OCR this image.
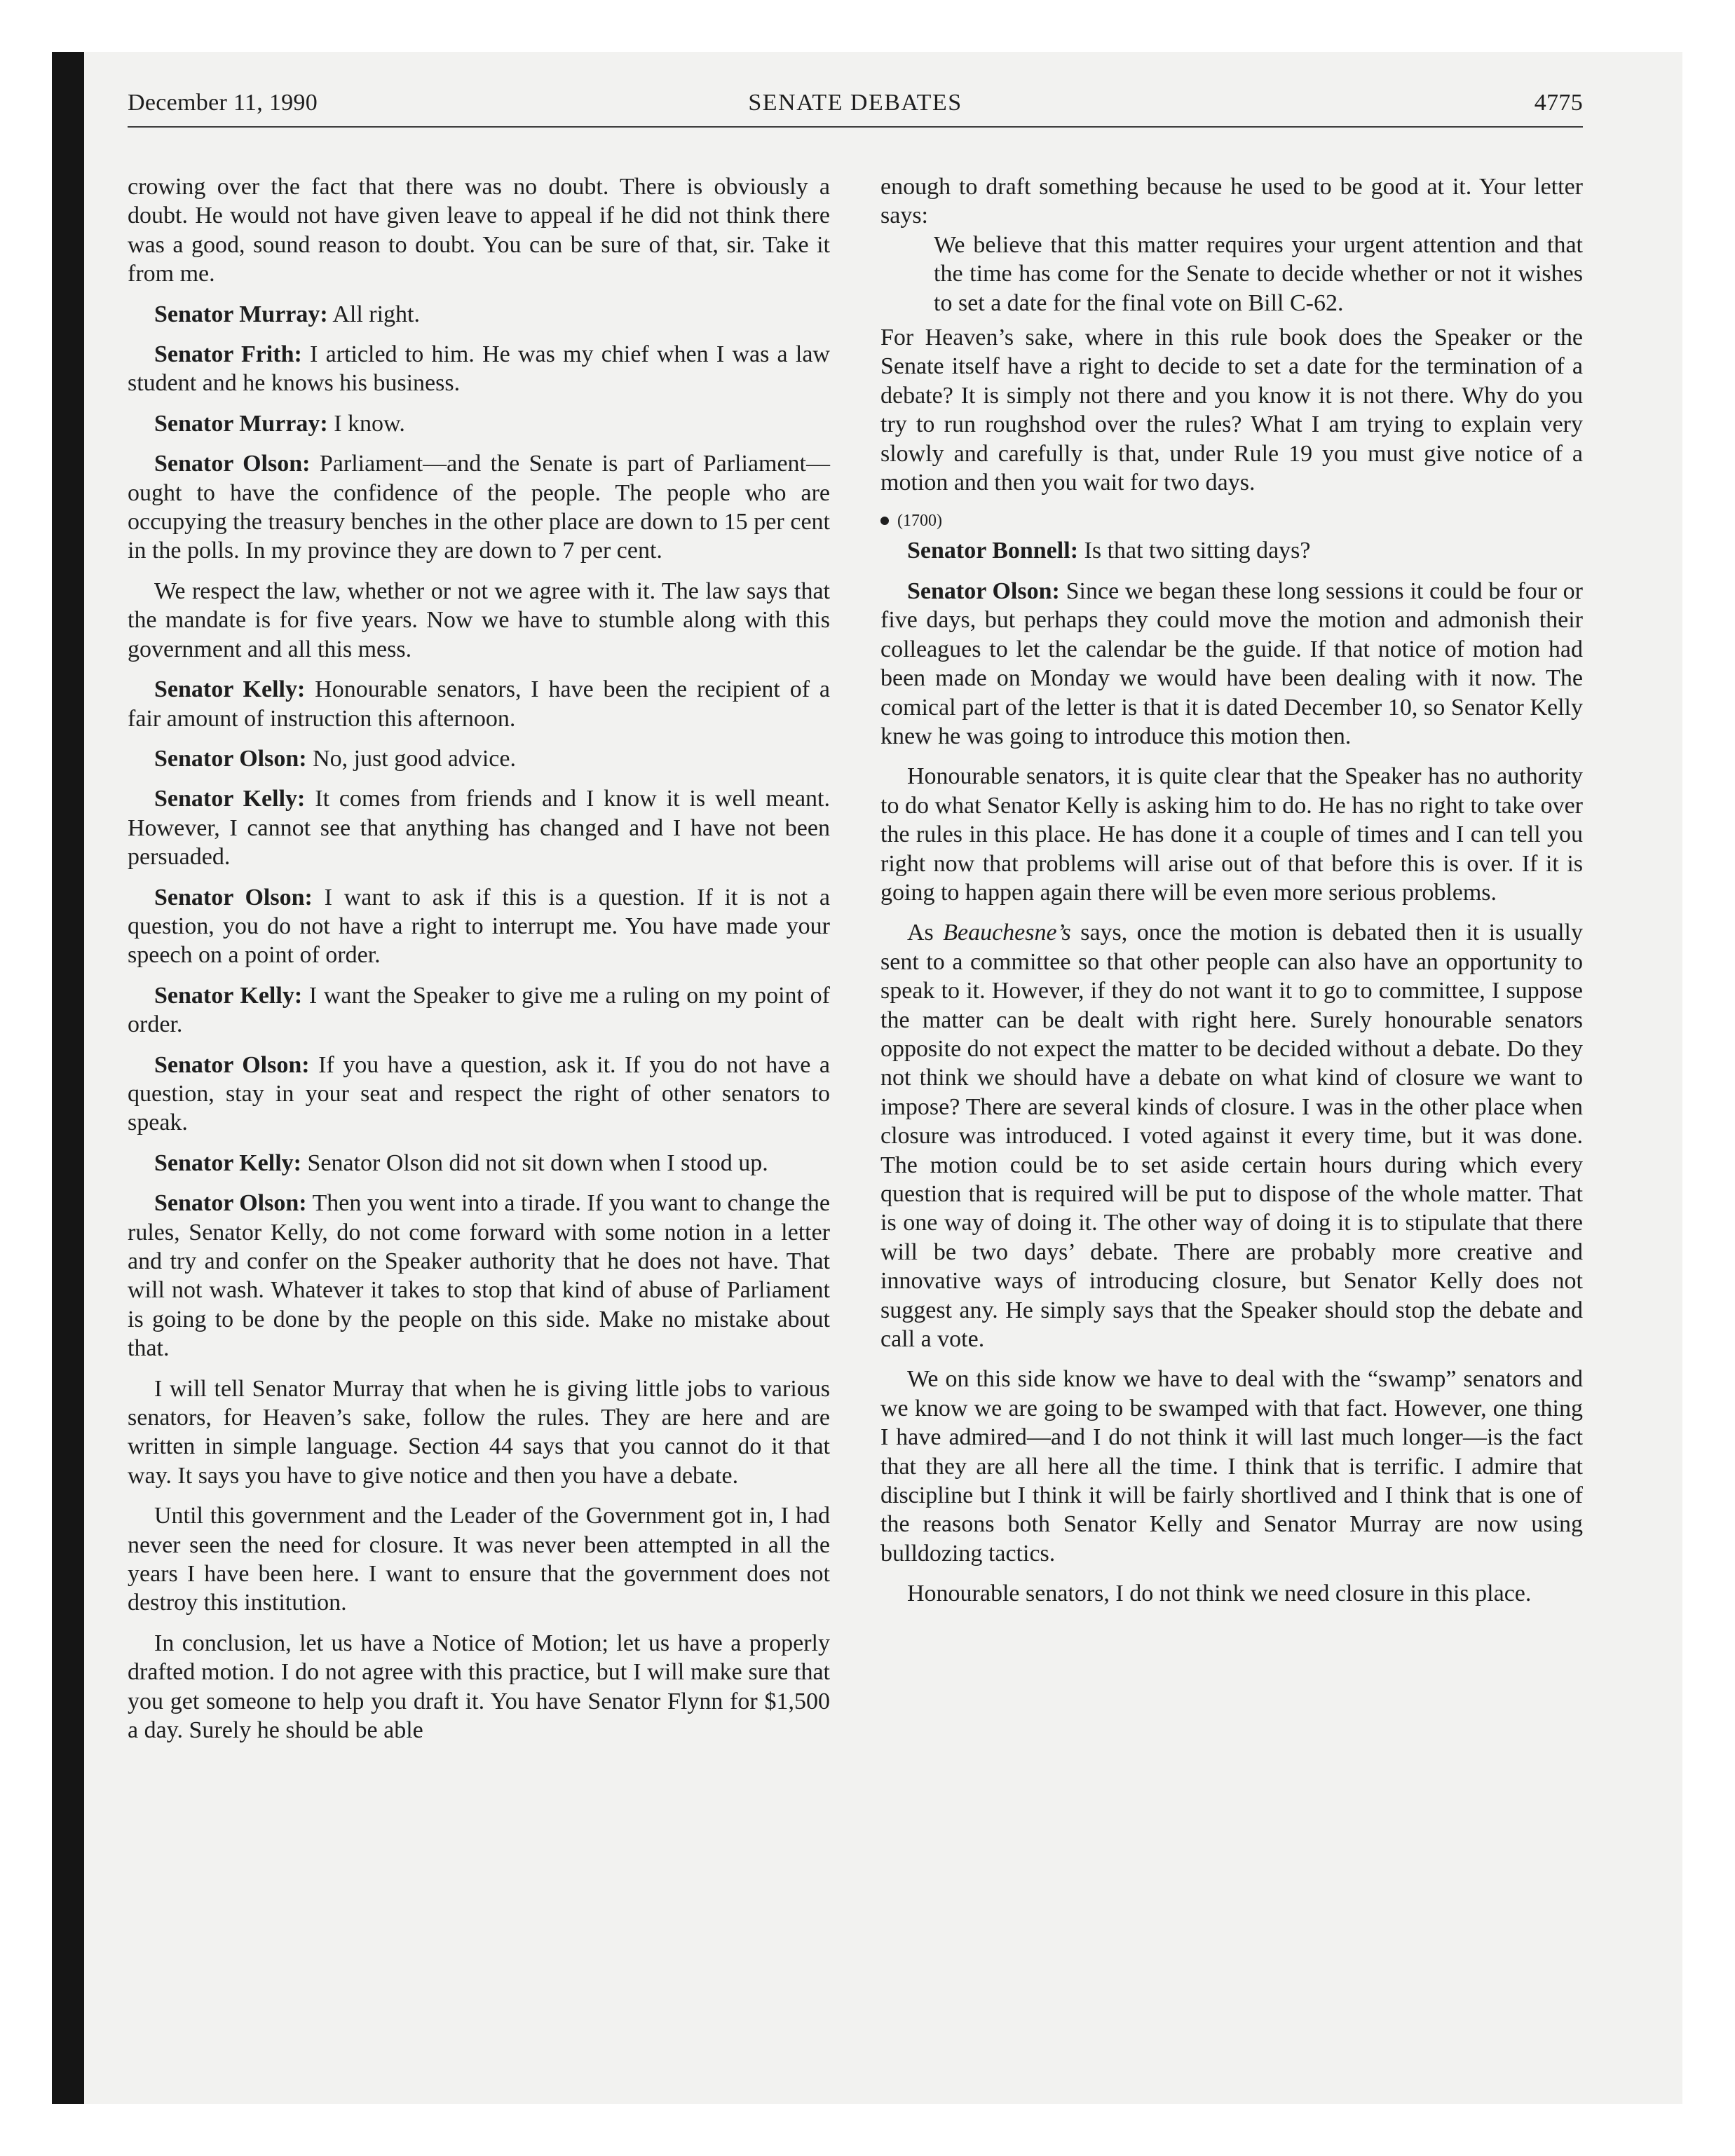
SENATE DEBATES
December 11, 1990	4775

crowing over the fact that there was no doubt. There is obviously a doubt. He would not have given leave to appeal if he did not think there was a good, sound reason to doubt. You can be sure of that, sir. Take it from me.

Senator Murray: All right.

Senator Frith: I articled to him. He was my chief when I was a law student and he knows his business.

Senator Murray: I know.

Senator Olson: Parliament—and the Senate is part of Parliament—ought to have the confidence of the people. The people who are occupying the treasury benches in the other place are down to 15 per cent in the polls. In my province they are down to 7 per cent.

We respect the law, whether or not we agree with it. The law says that the mandate is for five years. Now we have to stumble along with this government and all this mess.

Senator Kelly: Honourable senators, I have been the recipient of a fair amount of instruction this afternoon.

Senator Olson: No, just good advice.

Senator Kelly: It comes from friends and I know it is well meant. However, I cannot see that anything has changed and I have not been persuaded.

Senator Olson: I want to ask if this is a question. If it is not a question, you do not have a right to interrupt me. You have made your speech on a point of order.

Senator Kelly: I want the Speaker to give me a ruling on my point of order.

Senator Olson: If you have a question, ask it. If you do not have a question, stay in your seat and respect the right of other senators to speak.

Senator Kelly: Senator Olson did not sit down when I stood up.

Senator Olson: Then you went into a tirade. If you want to change the rules, Senator Kelly, do not come forward with some notion in a letter and try and confer on the Speaker authority that he does not have. That will not wash. Whatever it takes to stop that kind of abuse of Parliament is going to be done by the people on this side. Make no mistake about that.

I will tell Senator Murray that when he is giving little jobs to various senators, for Heaven’s sake, follow the rules. They are here and are written in simple language. Section 44 says that you cannot do it that way. It says you have to give notice and then you have a debate.

Until this government and the Leader of the Government got in, I had never seen the need for closure. It was never been attempted in all the years I have been here. I want to ensure that the government does not destroy this institution.

In conclusion, let us have a Notice of Motion; let us have a properly drafted motion. I do not agree with this practice, but I will make sure that you get someone to help you draft it. You have Senator Flynn for $1,500 a day. Surely he should be able

enough to draft something because he used to be good at it. Your letter says:

We believe that this matter requires your urgent attention and that the time has come for the Senate to decide whether or not it wishes to set a date for the final vote on Bill C-62.

For Heaven’s sake, where in this rule book does the Speaker or the Senate itself have a right to decide to set a date for the termination of a debate? It is simply not there and you know it is not there. Why do you try to run roughshod over the rules? What I am trying to explain very slowly and carefully is that, under Rule 19 you must give notice of a motion and then you wait for two days.

(1700)

Senator Bonnell: Is that two sitting days?

Senator Olson: Since we began these long sessions it could be four or five days, but perhaps they could move the motion and admonish their colleagues to let the calendar be the guide. If that notice of motion had been made on Monday we would have been dealing with it now. The comical part of the letter is that it is dated December 10, so Senator Kelly knew he was going to introduce this motion then.

Honourable senators, it is quite clear that the Speaker has no authority to do what Senator Kelly is asking him to do. He has no right to take over the rules in this place. He has done it a couple of times and I can tell you right now that problems will arise out of that before this is over. If it is going to happen again there will be even more serious problems.

As Beauchesne’s says, once the motion is debated then it is usually sent to a committee so that other people can also have an opportunity to speak to it. However, if they do not want it to go to committee, I suppose the matter can be dealt with right here. Surely honourable senators opposite do not expect the matter to be decided without a debate. Do they not think we should have a debate on what kind of closure we want to impose? There are several kinds of closure. I was in the other place when closure was introduced. I voted against it every time, but it was done. The motion could be to set aside certain hours during which every question that is required will be put to dispose of the whole matter. That is one way of doing it. The other way of doing it is to stipulate that there will be two days’ debate. There are probably more creative and innovative ways of introducing closure, but Senator Kelly does not suggest any. He simply says that the Speaker should stop the debate and call a vote.

We on this side know we have to deal with the “swamp” senators and we know we are going to be swamped with that fact. However, one thing I have admired—and I do not think it will last much longer—is the fact that they are all here all the time. I think that is terrific. I admire that discipline but I think it will be fairly shortlived and I think that is one of the reasons both Senator Kelly and Senator Murray are now using bulldozing tactics.

Honourable senators, I do not think we need closure in this place.
